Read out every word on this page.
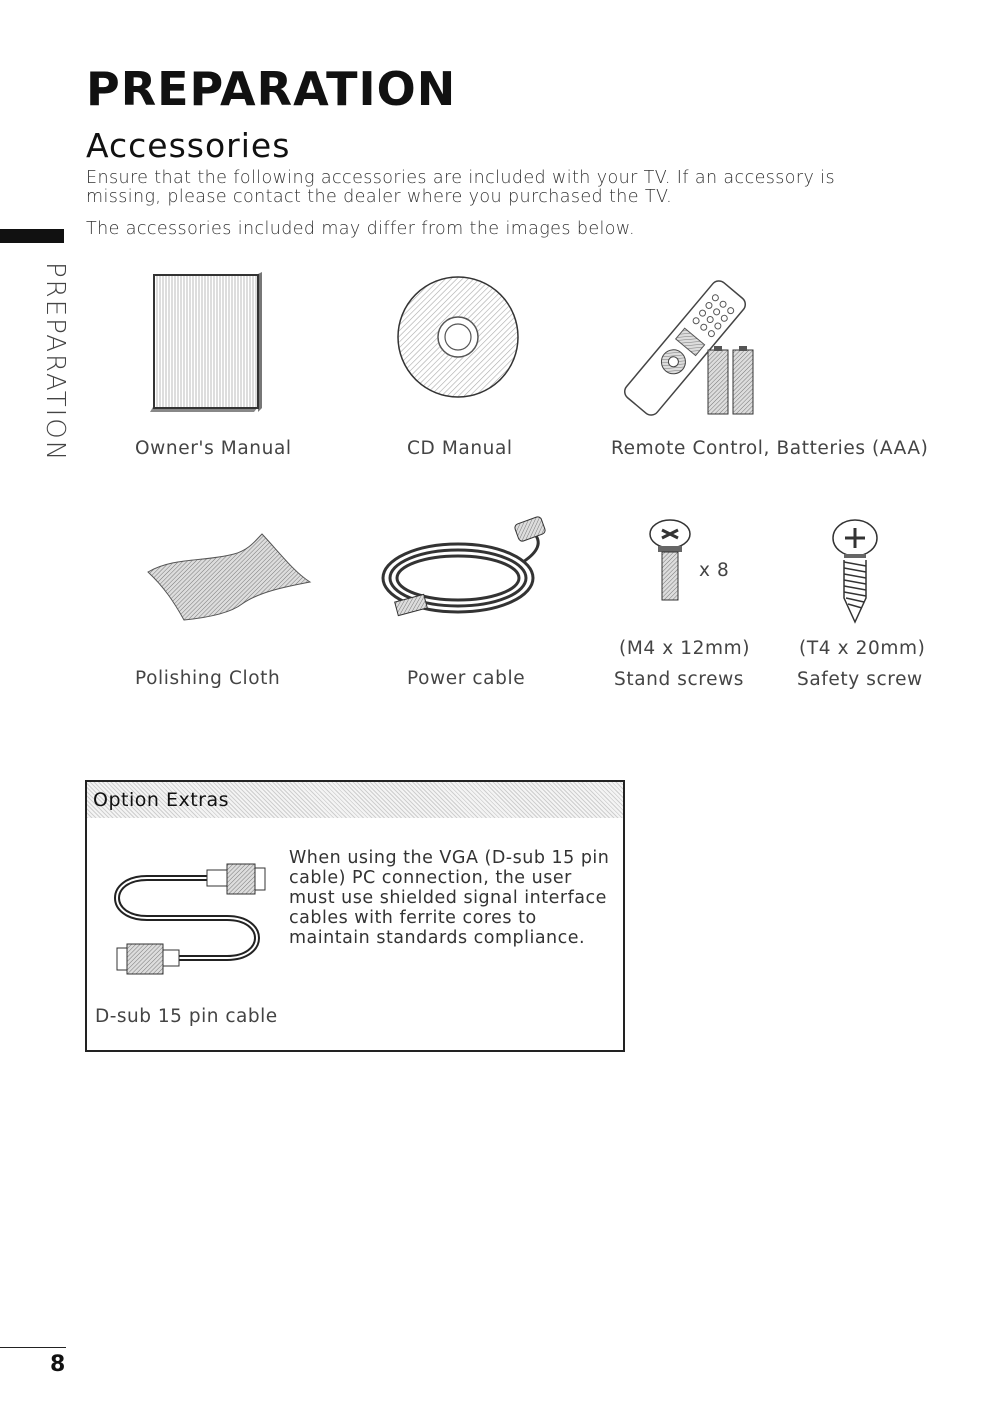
PREPARATION
Accessories
Ensure that the following accessories are included with your TV. If an accessory is missing, please contact the dealer where you purchased the TV.
The accessories included may differ from the images below.
PREPARATION	Owner's Manual	CD Manual	Remote Control, Batteries (AAA)
Polishing Cloth	Power cable
x 8
(M4 x 12mm)
Stand screws
(T4 x 20mm)
Safety screw
Option Extras
When using the VGA (D-sub 15 pin cable) PC connection, the user must use shielded signal interface cables with ferrite cores to maintain standards compliance.
D-sub 15 pin cable
8
